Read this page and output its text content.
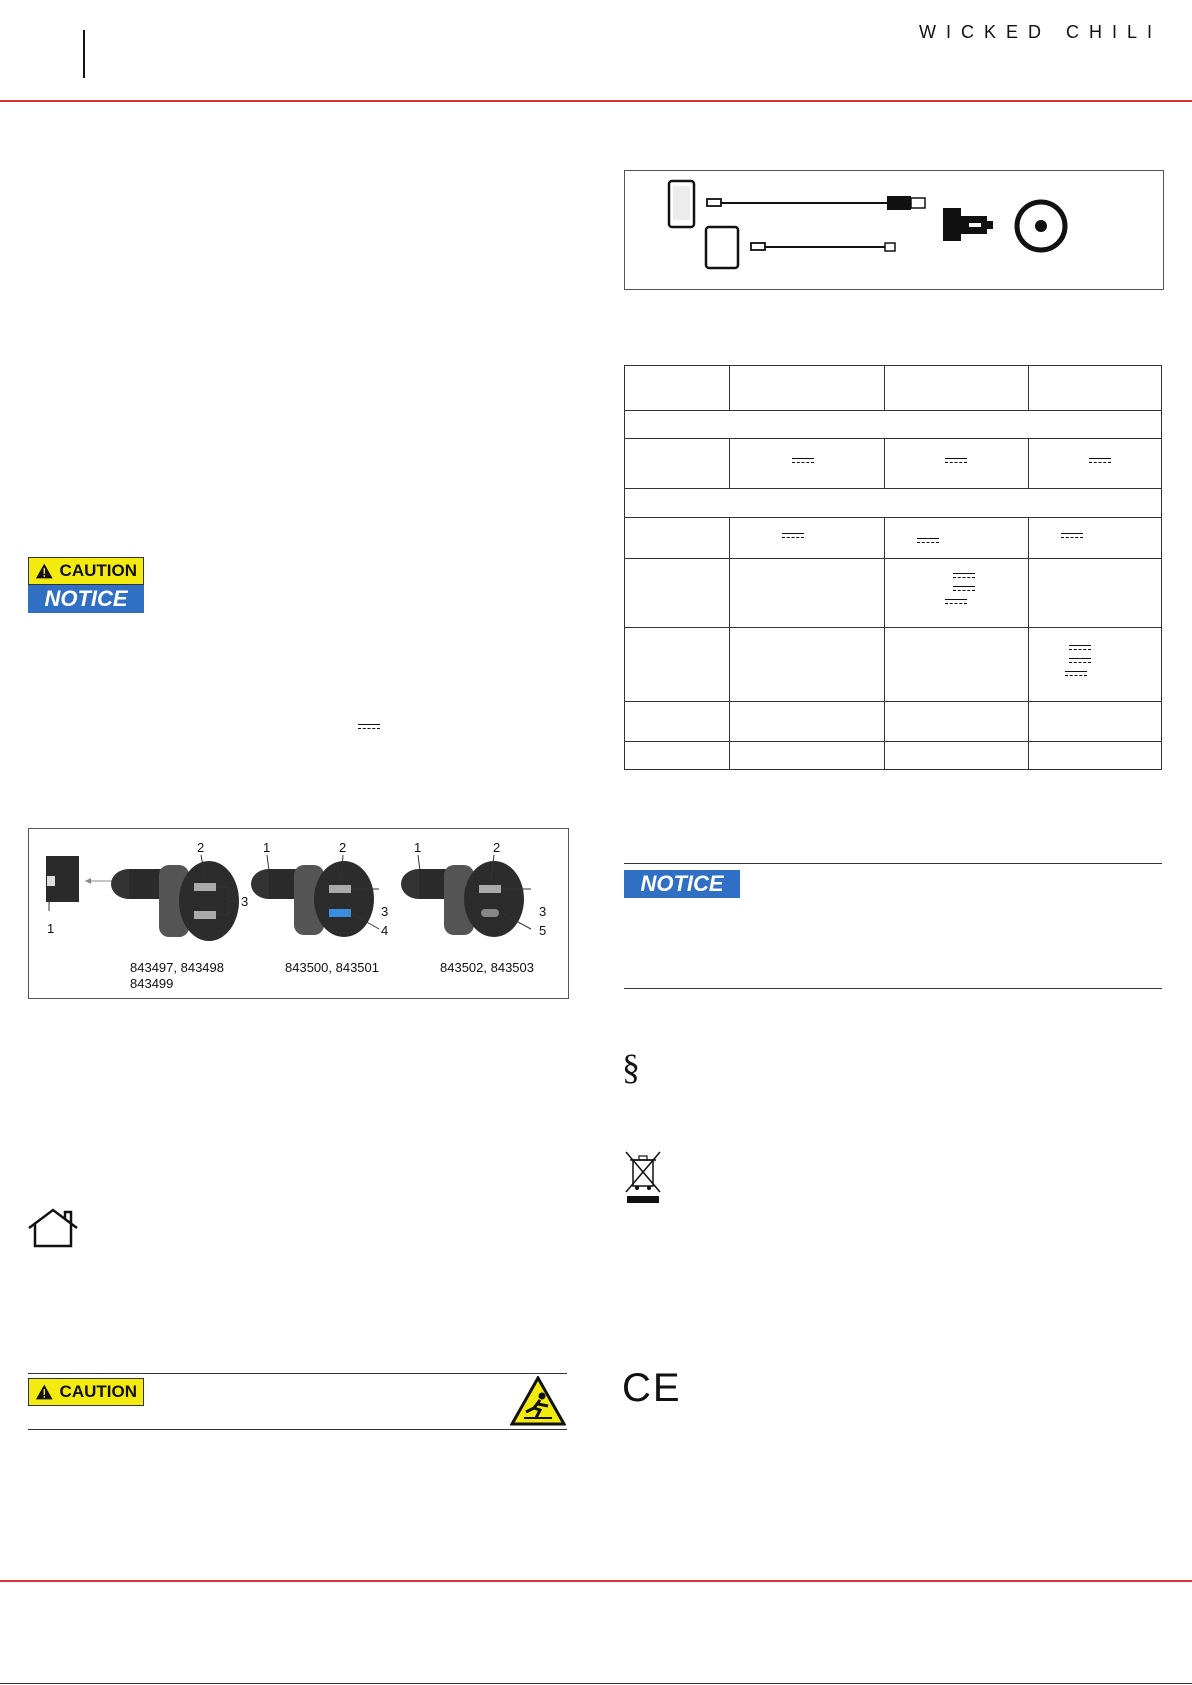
WICKED CHILI
CAUTION
NOTICE
2
1
3
1	2
3
4
1	2
3
5
843497, 843498
843499
843500, 843501	843502, 843503
CAUTION

NOTICE
§
CE
